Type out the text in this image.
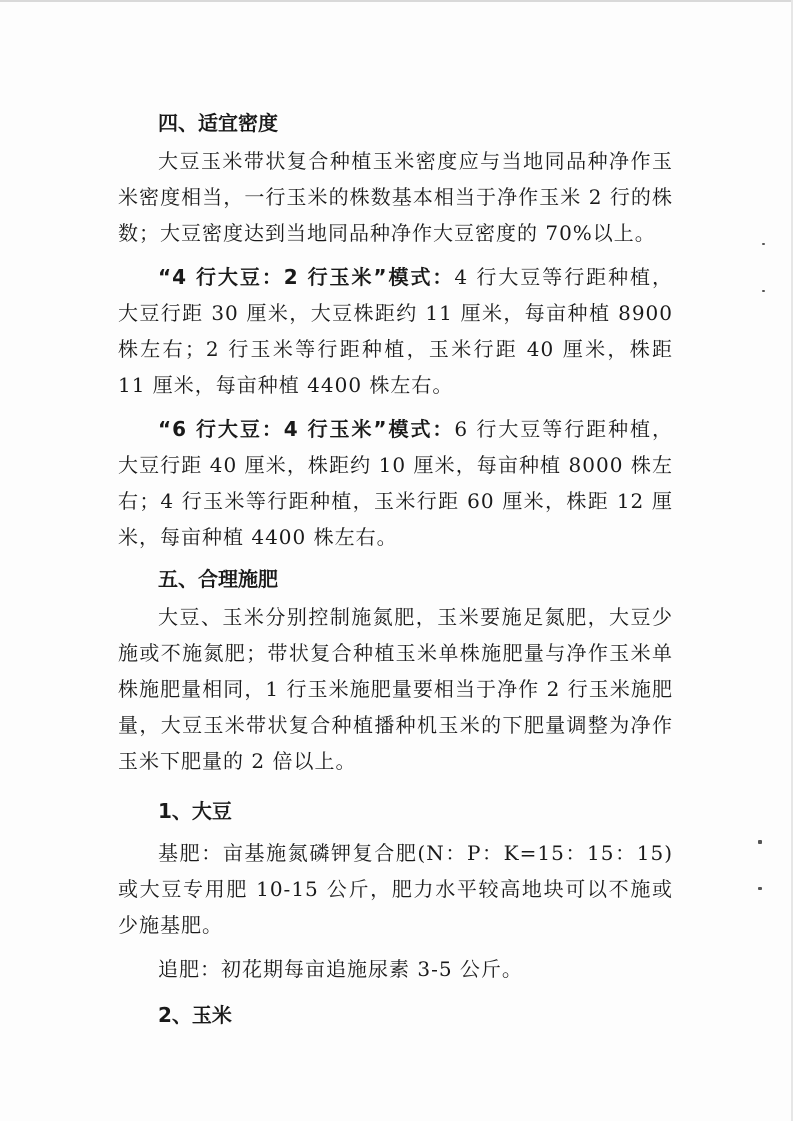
四、适宜密度

大豆玉米带状复合种植玉米密度应与当地同品种净作玉米密度相当，一行玉米的株数基本相当于净作玉米 2 行的株数；大豆密度达到当地同品种净作大豆密度的 70%以上。

“4 行大豆：2 行玉米”模式：4 行大豆等行距种植，大豆行距 30 厘米，大豆株距约 11 厘米，每亩种植 8900 株左右；2 行玉米等行距种植，玉米行距 40 厘米，株距 11 厘米，每亩种植 4400 株左右。

“6 行大豆：4 行玉米”模式：6 行大豆等行距种植，大豆行距 40 厘米，株距约 10 厘米，每亩种植 8000 株左右；4 行玉米等行距种植，玉米行距 60 厘米，株距 12 厘米，每亩种植 4400 株左右。

五、合理施肥

大豆、玉米分别控制施氮肥，玉米要施足氮肥，大豆少施或不施氮肥；带状复合种植玉米单株施肥量与净作玉米单株施肥量相同，1 行玉米施肥量要相当于净作 2 行玉米施肥量，大豆玉米带状复合种植播种机玉米的下肥量调整为净作玉米下肥量的 2 倍以上。

1、大豆

基肥：亩基施氮磷钾复合肥(N：P：K=15：15：15)或大豆专用肥 10-15 公斤，肥力水平较高地块可以不施或少施基肥。

追肥：初花期每亩追施尿素 3-5 公斤。

2、玉米
